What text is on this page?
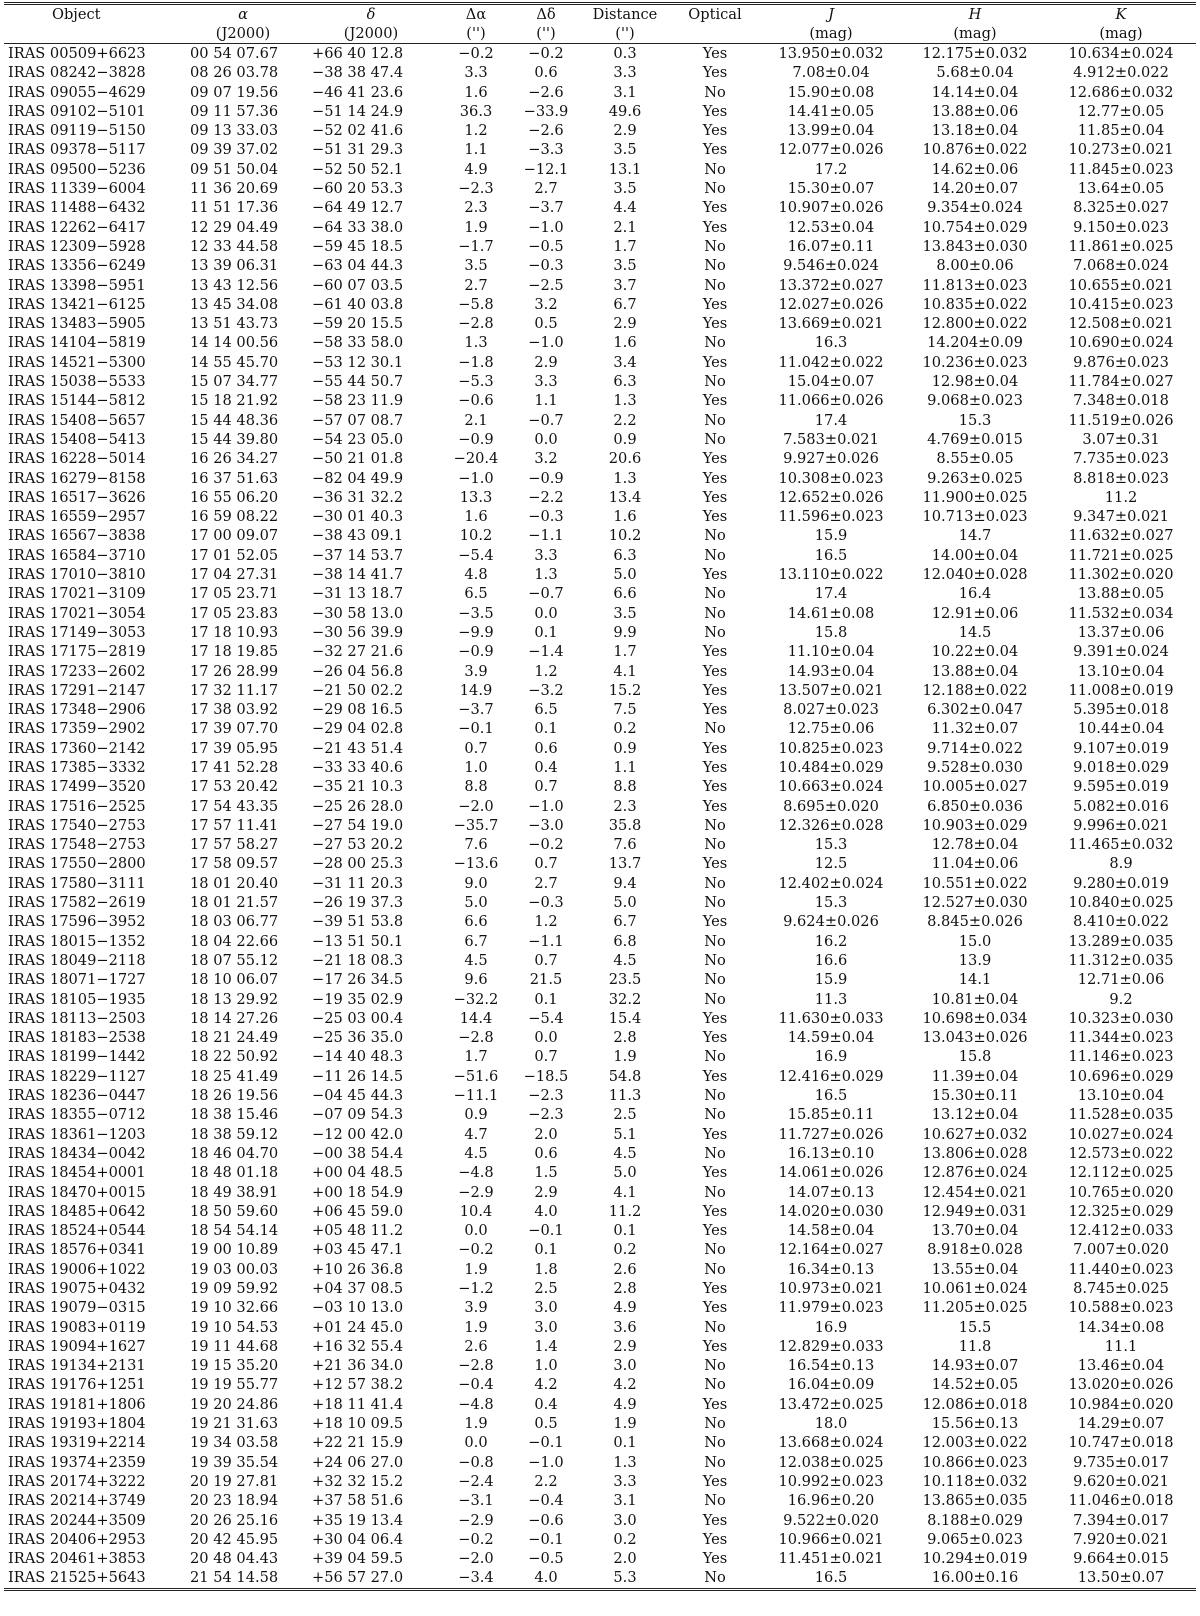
Object	α	δ	Δα	Δδ	Distance	Optical	J	H	K
	(J2000)	(J2000)	('')	('')	('')		(mag)	(mag)	(mag)
IRAS 00509+6623	00 54 07.67	+66 40 12.8	−0.2	−0.2	0.3	Yes	13.950±0.032	12.175±0.032	10.634±0.024
IRAS 08242−3828	08 26 03.78	−38 38 47.4	3.3	0.6	3.3	Yes	7.08±0.04	5.68±0.04	4.912±0.022
IRAS 09055−4629	09 07 19.56	−46 41 23.6	1.6	−2.6	3.1	No	15.90±0.08	14.14±0.04	12.686±0.032
IRAS 09102−5101	09 11 57.36	−51 14 24.9	36.3	−33.9	49.6	Yes	14.41±0.05	13.88±0.06	12.77±0.05
IRAS 09119−5150	09 13 33.03	−52 02 41.6	1.2	−2.6	2.9	Yes	13.99±0.04	13.18±0.04	11.85±0.04
IRAS 09378−5117	09 39 37.02	−51 31 29.3	1.1	−3.3	3.5	Yes	12.077±0.026	10.876±0.022	10.273±0.021
IRAS 09500−5236	09 51 50.04	−52 50 52.1	4.9	−12.1	13.1	No	17.2	14.62±0.06	11.845±0.023
IRAS 11339−6004	11 36 20.69	−60 20 53.3	−2.3	2.7	3.5	No	15.30±0.07	14.20±0.07	13.64±0.05
IRAS 11488−6432	11 51 17.36	−64 49 12.7	2.3	−3.7	4.4	Yes	10.907±0.026	9.354±0.024	8.325±0.027
IRAS 12262−6417	12 29 04.49	−64 33 38.0	1.9	−1.0	2.1	Yes	12.53±0.04	10.754±0.029	9.150±0.023
IRAS 12309−5928	12 33 44.58	−59 45 18.5	−1.7	−0.5	1.7	No	16.07±0.11	13.843±0.030	11.861±0.025
IRAS 13356−6249	13 39 06.31	−63 04 44.3	3.5	−0.3	3.5	No	9.546±0.024	8.00±0.06	7.068±0.024
IRAS 13398−5951	13 43 12.56	−60 07 03.5	2.7	−2.5	3.7	No	13.372±0.027	11.813±0.023	10.655±0.021
IRAS 13421−6125	13 45 34.08	−61 40 03.8	−5.8	3.2	6.7	Yes	12.027±0.026	10.835±0.022	10.415±0.023
IRAS 13483−5905	13 51 43.73	−59 20 15.5	−2.8	0.5	2.9	Yes	13.669±0.021	12.800±0.022	12.508±0.021
IRAS 14104−5819	14 14 00.56	−58 33 58.0	1.3	−1.0	1.6	No	16.3	14.204±0.09	10.690±0.024
IRAS 14521−5300	14 55 45.70	−53 12 30.1	−1.8	2.9	3.4	Yes	11.042±0.022	10.236±0.023	9.876±0.023
IRAS 15038−5533	15 07 34.77	−55 44 50.7	−5.3	3.3	6.3	No	15.04±0.07	12.98±0.04	11.784±0.027
IRAS 15144−5812	15 18 21.92	−58 23 11.9	−0.6	1.1	1.3	Yes	11.066±0.026	9.068±0.023	7.348±0.018
IRAS 15408−5657	15 44 48.36	−57 07 08.7	2.1	−0.7	2.2	No	17.4	15.3	11.519±0.026
IRAS 15408−5413	15 44 39.80	−54 23 05.0	−0.9	0.0	0.9	No	7.583±0.021	4.769±0.015	3.07±0.31
IRAS 16228−5014	16 26 34.27	−50 21 01.8	−20.4	3.2	20.6	Yes	9.927±0.026	8.55±0.05	7.735±0.023
IRAS 16279−8158	16 37 51.63	−82 04 49.9	−1.0	−0.9	1.3	Yes	10.308±0.023	9.263±0.025	8.818±0.023
IRAS 16517−3626	16 55 06.20	−36 31 32.2	13.3	−2.2	13.4	Yes	12.652±0.026	11.900±0.025	11.2
IRAS 16559−2957	16 59 08.22	−30 01 40.3	1.6	−0.3	1.6	Yes	11.596±0.023	10.713±0.023	9.347±0.021
IRAS 16567−3838	17 00 09.07	−38 43 09.1	10.2	−1.1	10.2	No	15.9	14.7	11.632±0.027
IRAS 16584−3710	17 01 52.05	−37 14 53.7	−5.4	3.3	6.3	No	16.5	14.00±0.04	11.721±0.025
IRAS 17010−3810	17 04 27.31	−38 14 41.7	4.8	1.3	5.0	Yes	13.110±0.022	12.040±0.028	11.302±0.020
IRAS 17021−3109	17 05 23.71	−31 13 18.7	6.5	−0.7	6.6	No	17.4	16.4	13.88±0.05
IRAS 17021−3054	17 05 23.83	−30 58 13.0	−3.5	0.0	3.5	No	14.61±0.08	12.91±0.06	11.532±0.034
IRAS 17149−3053	17 18 10.93	−30 56 39.9	−9.9	0.1	9.9	No	15.8	14.5	13.37±0.06
IRAS 17175−2819	17 18 19.85	−32 27 21.6	−0.9	−1.4	1.7	Yes	11.10±0.04	10.22±0.04	9.391±0.024
IRAS 17233−2602	17 26 28.99	−26 04 56.8	3.9	1.2	4.1	Yes	14.93±0.04	13.88±0.04	13.10±0.04
IRAS 17291−2147	17 32 11.17	−21 50 02.2	14.9	−3.2	15.2	Yes	13.507±0.021	12.188±0.022	11.008±0.019
IRAS 17348−2906	17 38 03.92	−29 08 16.5	−3.7	6.5	7.5	Yes	8.027±0.023	6.302±0.047	5.395±0.018
IRAS 17359−2902	17 39 07.70	−29 04 02.8	−0.1	0.1	0.2	No	12.75±0.06	11.32±0.07	10.44±0.04
IRAS 17360−2142	17 39 05.95	−21 43 51.4	0.7	0.6	0.9	Yes	10.825±0.023	9.714±0.022	9.107±0.019
IRAS 17385−3332	17 41 52.28	−33 33 40.6	1.0	0.4	1.1	Yes	10.484±0.029	9.528±0.030	9.018±0.029
IRAS 17499−3520	17 53 20.42	−35 21 10.3	8.8	0.7	8.8	Yes	10.663±0.024	10.005±0.027	9.595±0.019
IRAS 17516−2525	17 54 43.35	−25 26 28.0	−2.0	−1.0	2.3	Yes	8.695±0.020	6.850±0.036	5.082±0.016
IRAS 17540−2753	17 57 11.41	−27 54 19.0	−35.7	−3.0	35.8	No	12.326±0.028	10.903±0.029	9.996±0.021
IRAS 17548−2753	17 57 58.27	−27 53 20.2	7.6	−0.2	7.6	No	15.3	12.78±0.04	11.465±0.032
IRAS 17550−2800	17 58 09.57	−28 00 25.3	−13.6	0.7	13.7	Yes	12.5	11.04±0.06	8.9
IRAS 17580−3111	18 01 20.40	−31 11 20.3	9.0	2.7	9.4	No	12.402±0.024	10.551±0.022	9.280±0.019
IRAS 17582−2619	18 01 21.57	−26 19 37.3	5.0	−0.3	5.0	No	15.3	12.527±0.030	10.840±0.025
IRAS 17596−3952	18 03 06.77	−39 51 53.8	6.6	1.2	6.7	Yes	9.624±0.026	8.845±0.026	8.410±0.022
IRAS 18015−1352	18 04 22.66	−13 51 50.1	6.7	−1.1	6.8	No	16.2	15.0	13.289±0.035
IRAS 18049−2118	18 07 55.12	−21 18 08.3	4.5	0.7	4.5	No	16.6	13.9	11.312±0.035
IRAS 18071−1727	18 10 06.07	−17 26 34.5	9.6	21.5	23.5	No	15.9	14.1	12.71±0.06
IRAS 18105−1935	18 13 29.92	−19 35 02.9	−32.2	0.1	32.2	No	11.3	10.81±0.04	9.2
IRAS 18113−2503	18 14 27.26	−25 03 00.4	14.4	−5.4	15.4	Yes	11.630±0.033	10.698±0.034	10.323±0.030
IRAS 18183−2538	18 21 24.49	−25 36 35.0	−2.8	0.0	2.8	Yes	14.59±0.04	13.043±0.026	11.344±0.023
IRAS 18199−1442	18 22 50.92	−14 40 48.3	1.7	0.7	1.9	No	16.9	15.8	11.146±0.023
IRAS 18229−1127	18 25 41.49	−11 26 14.5	−51.6	−18.5	54.8	Yes	12.416±0.029	11.39±0.04	10.696±0.029
IRAS 18236−0447	18 26 19.56	−04 45 44.3	−11.1	−2.3	11.3	No	16.5	15.30±0.11	13.10±0.04
IRAS 18355−0712	18 38 15.46	−07 09 54.3	0.9	−2.3	2.5	No	15.85±0.11	13.12±0.04	11.528±0.035
IRAS 18361−1203	18 38 59.12	−12 00 42.0	4.7	2.0	5.1	Yes	11.727±0.026	10.627±0.032	10.027±0.024
IRAS 18434−0042	18 46 04.70	−00 38 54.4	4.5	0.6	4.5	No	16.13±0.10	13.806±0.028	12.573±0.022
IRAS 18454+0001	18 48 01.18	+00 04 48.5	−4.8	1.5	5.0	Yes	14.061±0.026	12.876±0.024	12.112±0.025
IRAS 18470+0015	18 49 38.91	+00 18 54.9	−2.9	2.9	4.1	No	14.07±0.13	12.454±0.021	10.765±0.020
IRAS 18485+0642	18 50 59.60	+06 45 59.0	10.4	4.0	11.2	Yes	14.020±0.030	12.949±0.031	12.325±0.029
IRAS 18524+0544	18 54 54.14	+05 48 11.2	0.0	−0.1	0.1	Yes	14.58±0.04	13.70±0.04	12.412±0.033
IRAS 18576+0341	19 00 10.89	+03 45 47.1	−0.2	0.1	0.2	No	12.164±0.027	8.918±0.028	7.007±0.020
IRAS 19006+1022	19 03 00.03	+10 26 36.8	1.9	1.8	2.6	No	16.34±0.13	13.55±0.04	11.440±0.023
IRAS 19075+0432	19 09 59.92	+04 37 08.5	−1.2	2.5	2.8	Yes	10.973±0.021	10.061±0.024	8.745±0.025
IRAS 19079−0315	19 10 32.66	−03 10 13.0	3.9	3.0	4.9	Yes	11.979±0.023	11.205±0.025	10.588±0.023
IRAS 19083+0119	19 10 54.53	+01 24 45.0	1.9	3.0	3.6	No	16.9	15.5	14.34±0.08
IRAS 19094+1627	19 11 44.68	+16 32 55.4	2.6	1.4	2.9	Yes	12.829±0.033	11.8	11.1
IRAS 19134+2131	19 15 35.20	+21 36 34.0	−2.8	1.0	3.0	No	16.54±0.13	14.93±0.07	13.46±0.04
IRAS 19176+1251	19 19 55.77	+12 57 38.2	−0.4	4.2	4.2	No	16.04±0.09	14.52±0.05	13.020±0.026
IRAS 19181+1806	19 20 24.86	+18 11 41.4	−4.8	0.4	4.9	Yes	13.472±0.025	12.086±0.018	10.984±0.020
IRAS 19193+1804	19 21 31.63	+18 10 09.5	1.9	0.5	1.9	No	18.0	15.56±0.13	14.29±0.07
IRAS 19319+2214	19 34 03.58	+22 21 15.9	0.0	−0.1	0.1	No	13.668±0.024	12.003±0.022	10.747±0.018
IRAS 19374+2359	19 39 35.54	+24 06 27.0	−0.8	−1.0	1.3	No	12.038±0.025	10.866±0.023	9.735±0.017
IRAS 20174+3222	20 19 27.81	+32 32 15.2	−2.4	2.2	3.3	Yes	10.992±0.023	10.118±0.032	9.620±0.021
IRAS 20214+3749	20 23 18.94	+37 58 51.6	−3.1	−0.4	3.1	No	16.96±0.20	13.865±0.035	11.046±0.018
IRAS 20244+3509	20 26 25.16	+35 19 13.4	−2.9	−0.6	3.0	Yes	9.522±0.020	8.188±0.029	7.394±0.017
IRAS 20406+2953	20 42 45.95	+30 04 06.4	−0.2	−0.1	0.2	Yes	10.966±0.021	9.065±0.023	7.920±0.021
IRAS 20461+3853	20 48 04.43	+39 04 59.5	−2.0	−0.5	2.0	Yes	11.451±0.021	10.294±0.019	9.664±0.015
IRAS 21525+5643	21 54 14.58	+56 57 27.0	−3.4	4.0	5.3	No	16.5	16.00±0.16	13.50±0.07
